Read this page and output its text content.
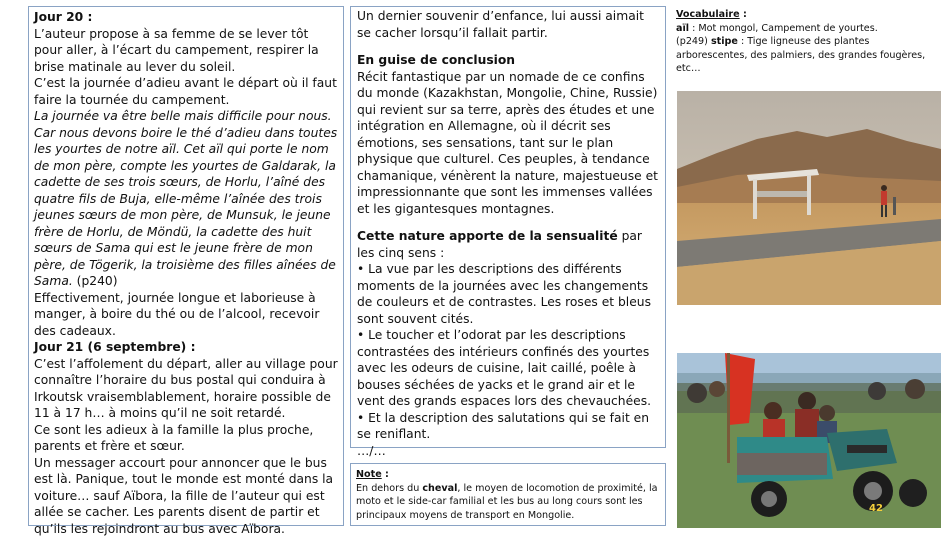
Jour 20 :

L’auteur propose à sa femme de se lever tôt pour aller, à l’écart du campement, respirer la brise matinale au lever du soleil.

C’est la journée d’adieu avant le départ où il faut faire la tournée du campement.

La journée va être belle mais difficile pour nous. Car nous devons boire le thé d’adieu dans toutes les yourtes de notre aïl. Cet aïl qui porte le nom de mon père, compte les yourtes de Galdarak, la cadette de ses trois sœurs, de Horlu, l’aîné des quatre fils de Buja, elle-même l’aînée des trois jeunes sœurs de mon père, de Munsuk, le jeune frère de Horlu, de Möndü, la cadette des huit sœurs de Sama qui est le jeune frère de mon père, de Tögerik, la troisième des filles aînées de Sama. (p240)

Effectivement, journée longue et laborieuse à manger, à boire du thé ou de l’alcool, recevoir des cadeaux.

Jour 21 (6 septembre) :

C’est l’affolement du départ, aller au village pour connaître l’horaire du bus postal qui conduira à Irkoutsk vraisemblablement, horaire possible de 11 à 17 h… à moins qu’il ne soit retardé.

Ce sont les adieux à la famille la plus proche, parents et frère et sœur.

Un messager accourt pour annoncer que le bus est là. Panique, tout le monde est monté dans la voiture… sauf Aïbora, la fille de l’auteur qui est allée se cacher. Les parents disent de partir et qu’ils les rejoindront au bus avec Aïbora.

Un dernier souvenir d’enfance, lui aussi aimait se cacher lorsqu’il fallait partir.

En guise de conclusion

Récit fantastique par un nomade de ce confins du monde (Kazakhstan, Mongolie, Chine, Russie) qui revient sur sa terre, après des études et une intégration en Allemagne, où il décrit ses émotions, ses sensations, tant sur le plan physique que culturel. Ces peuples, à tendance chamanique, vénèrent la nature, majestueuse et impressionnante que sont les immenses vallées et les gigantesques montagnes.

Cette nature apporte de la sensualité par les cinq sens :

• La vue par les descriptions des différents moments de la journées avec les changements de couleurs et de contrastes. Les roses et bleus sont souvent cités.

• Le toucher et l’odorat par les descriptions contrastées des intérieurs confinés des yourtes avec les odeurs de cuisine, lait caillé, poêle à bouses séchées de yacks et le grand air et le vent des grands espaces lors des chevauchées.

• Et la description des salutations qui se fait en se reniflant.

…/…

Note :

En dehors du cheval, le moyen de locomotion de proximité, la moto et le side-car familial et les bus au long cours sont les principaux moyens de transport en Mongolie.

Vocabulaire :

aïl : Mot mongol, Campement de yourtes.

(p249) stipe : Tige ligneuse des plantes arborescentes, des palmiers, des grandes fougères, etc…

42
